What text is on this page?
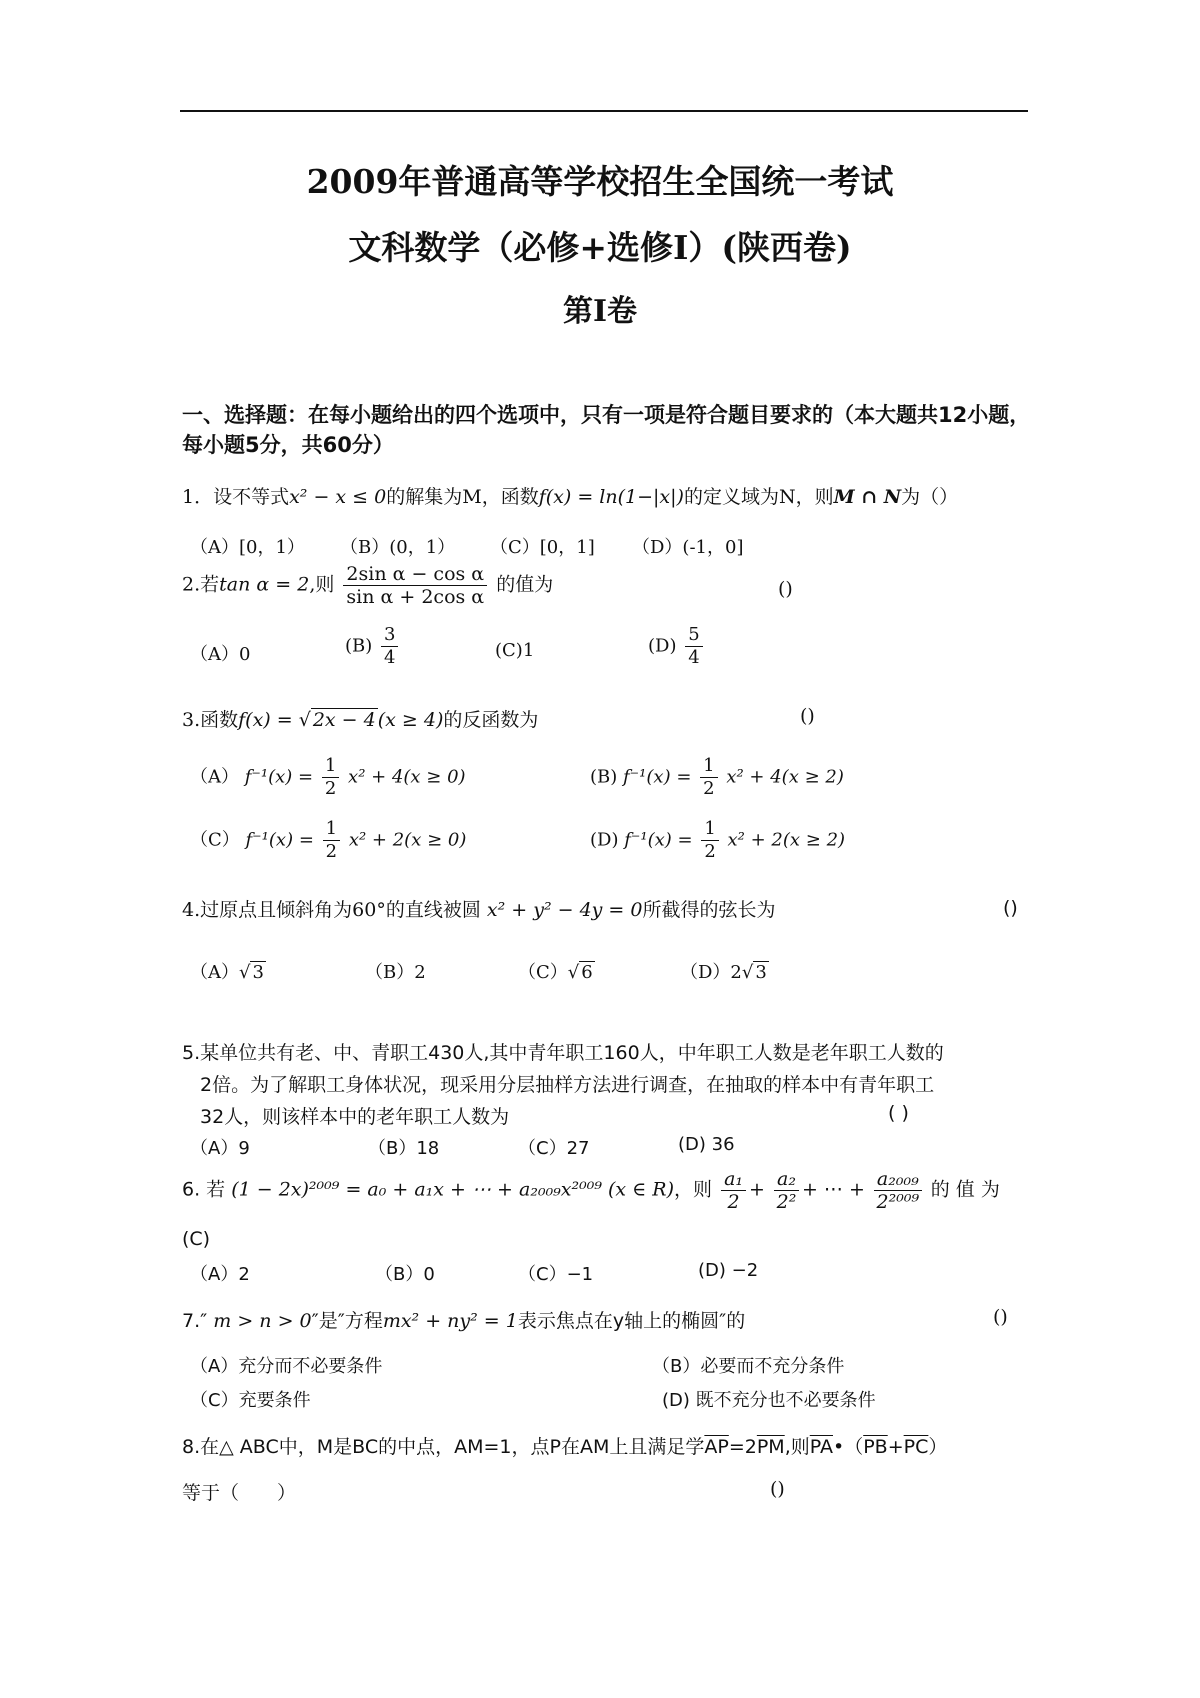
2009年普通高等学校招生全国统一考试
文科数学（必修+选修Ⅰ）(陕西卷)
第Ⅰ卷
一、选择题：在每小题给出的四个选项中，只有一项是符合题目要求的（本大题共12小题，每小题5分，共60分）
1．设不等式x² − x ≤ 0的解集为M，函数f(x) = ln(1−|x|)的定义域为N，则M ∩ N为（）
（A）[0，1） （B）(0，1） （C）[0，1] （D）(-1，0]
2.若tan α = 2,则 $\frac{\text{2sin α − cos α}}{\text{sin α + 2cos α}}$ 的值为	()
（A）0	$(B) \frac{3}{4}$	(C)1	$(D) \frac{5}{4}$
3.函数f(x) = √ 2x − 4 (x ≥ 4)的反函数为	()
（A） $f^{-1}(x) = \frac{1}{2} x^2 + 4(x \ge 0)$	(B) $f^{-1}(x) = \frac{1}{2} x^2 + 4(x \ge 2)$
（C） $f^{-1}(x) = \frac{1}{2} x^2 + 2(x \ge 0)$	(D) $f^{-1}(x) = \frac{1}{2} x^2 + 2(x \ge 2)$
4.过原点且倾斜角为60°的直线被圆 x² + y² − 4y = 0所截得的弦长为	()
（A）√ 3	（B）2	（C）√ 6	（D）2√ 3
5.某单位共有老、中、青职工430人,其中青年职工160人，中年职工人数是老年职工人数的
2倍。为了解职工身体状况，现采用分层抽样方法进行调查，在抽取的样本中有青年职工
32人，则该样本中的老年职工人数为	( )
（A）9	（B）18	（C）27	(D) 36
6. 若 (1 − 2x)²⁰⁰⁹ = a₀ + a₁x + ⋯ + a₂₀₀₉x²⁰⁰⁹ (x ∈ R)，则 $\frac{\text{a₁}}{2} + \frac{\text{a₂}}{\text{2²}}$ + ⋯ + $\frac{\text{a₂₀₀₉}}{\text{2²⁰⁰⁹}}$ 的 值 为
(C)
（A）2	（B）0	（C）−1	(D) −2
7.″ m > n > 0″是″方程mx² + ny² = 1表示焦点在y轴上的椭圆″的	()
（A）充分而不必要条件	（B）必要而不充分条件
（C）充要条件	(D) 既不充分也不必要条件
8.在△ ABC中，M是BC的中点，AM=1，点P在AM上且满足学$\overline{AP}=2\overline{PM}$,则$\overline{PA}•(\overline{PB}+\overline{PC})$
等于（　　）	()
